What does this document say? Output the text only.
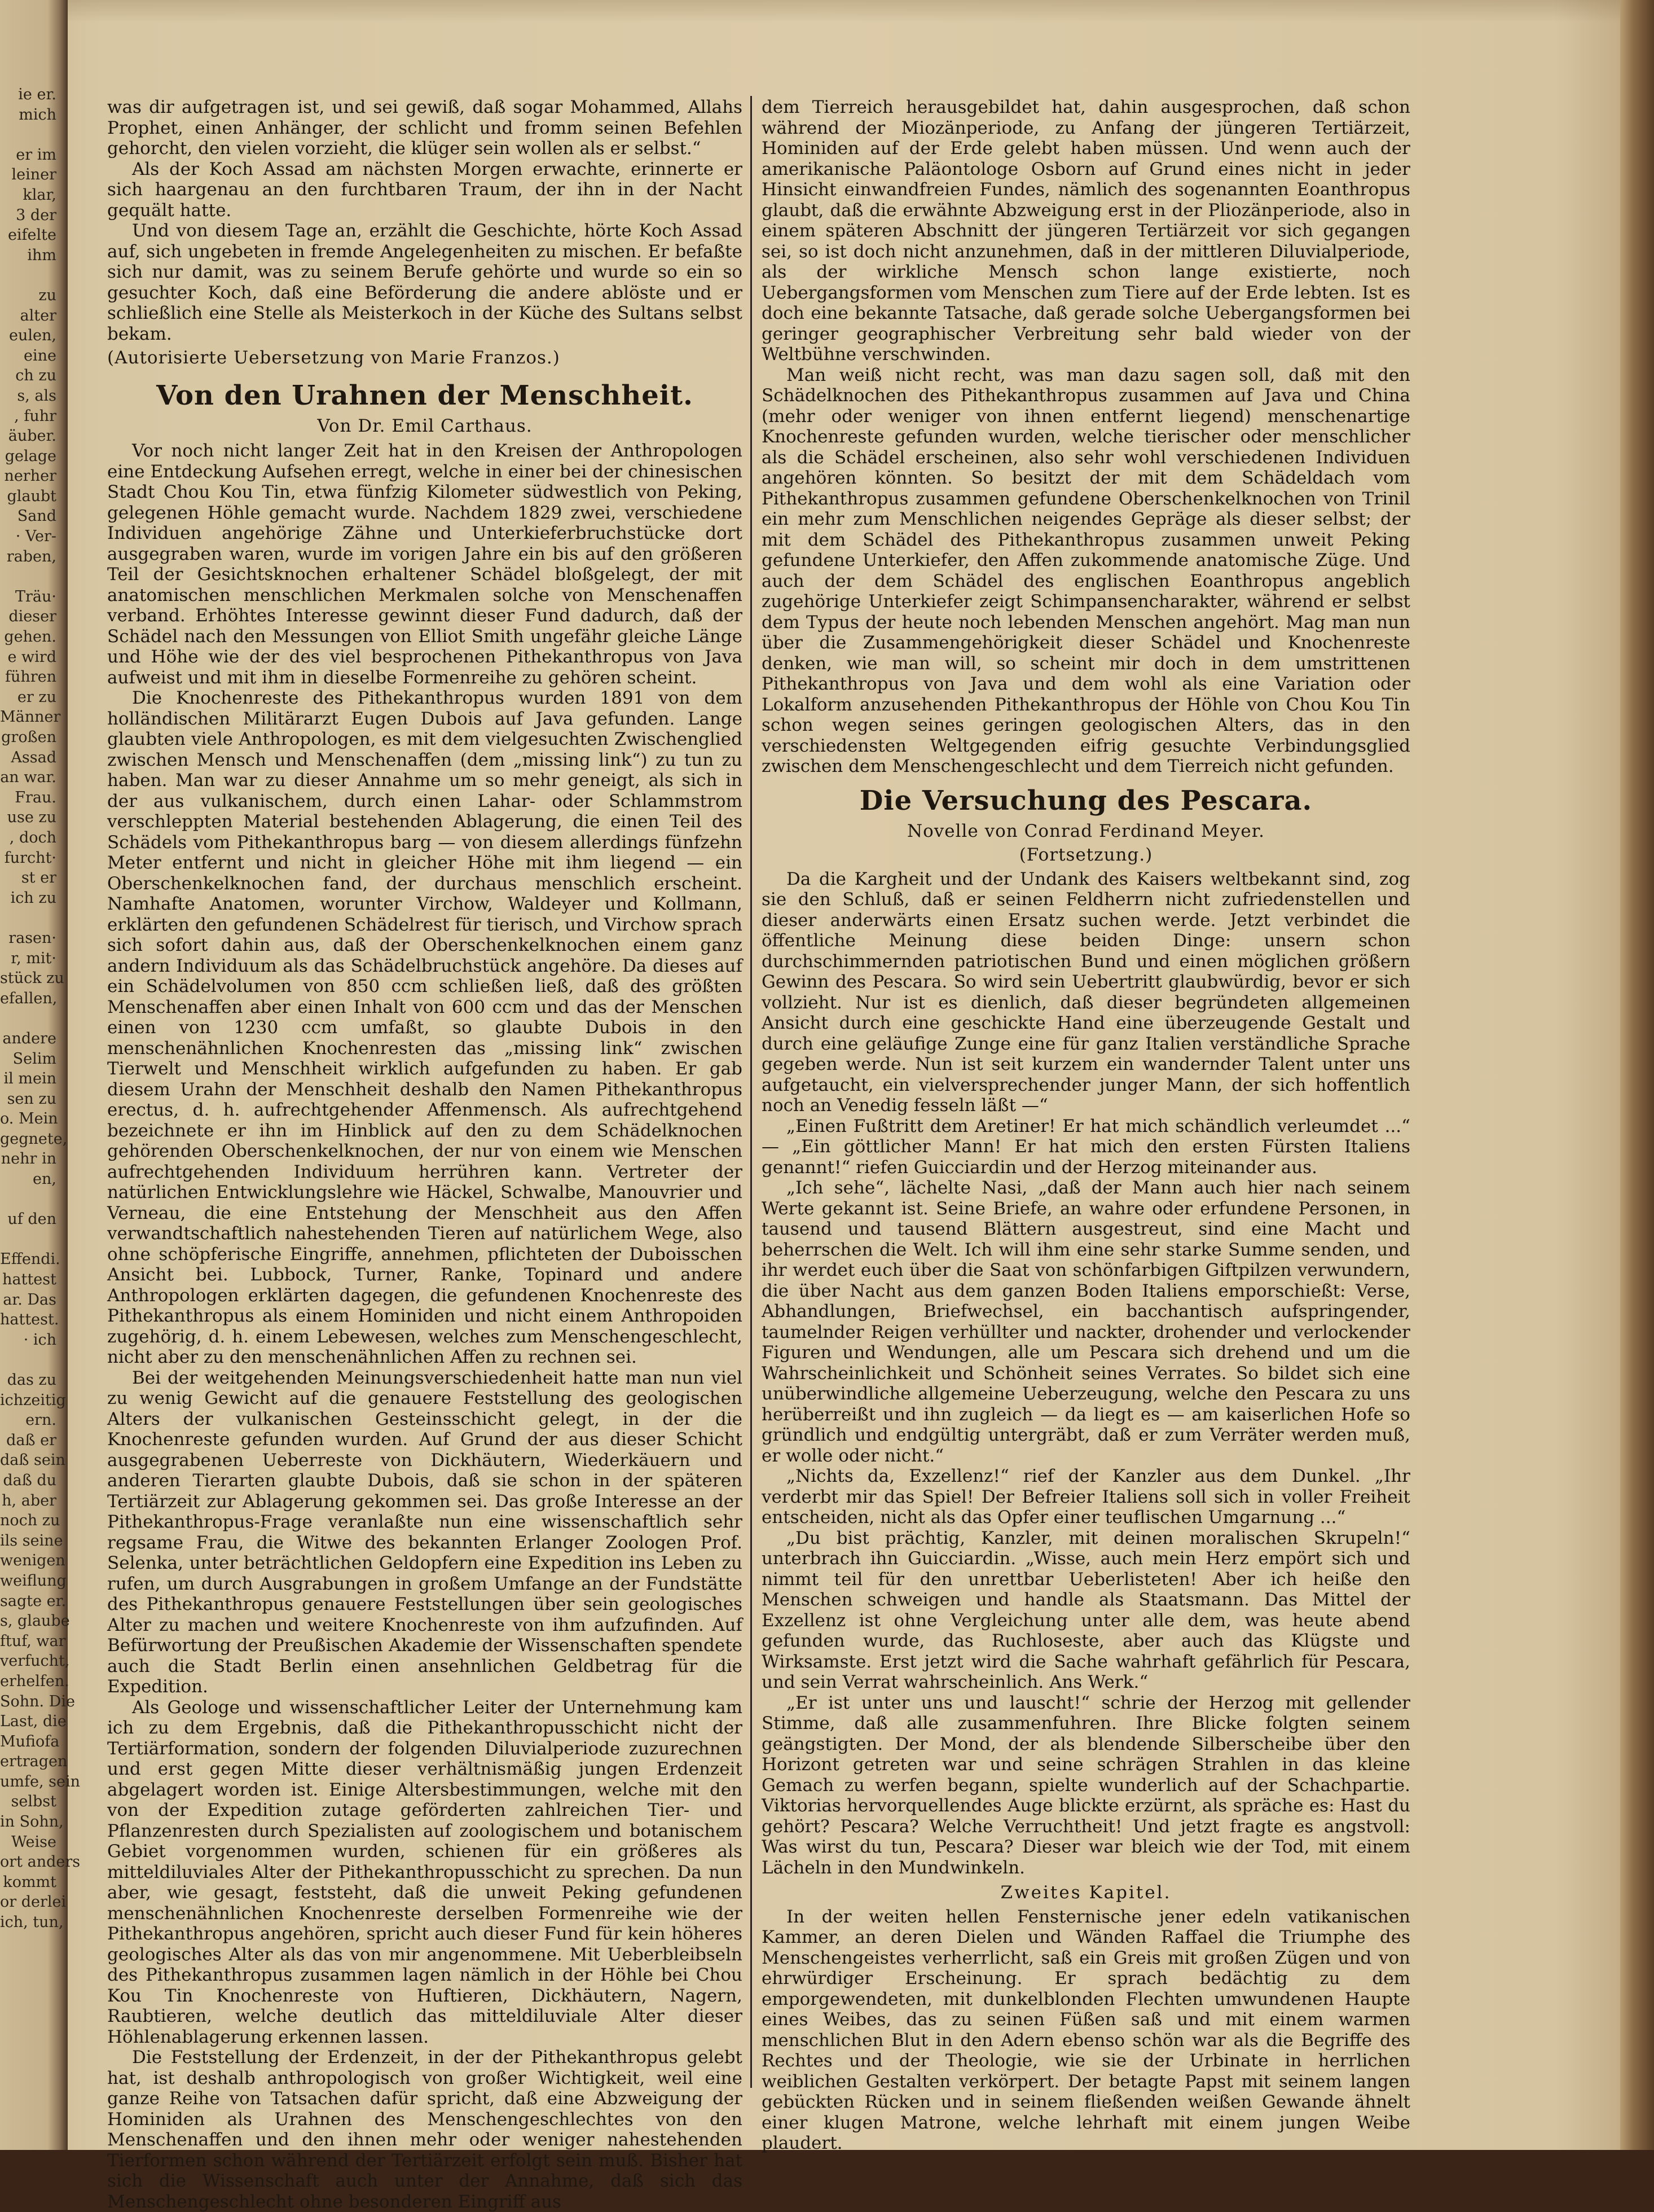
ie er.
mich

er im
leiner
klar,
3 der
eifelte
ihm

zu
alter
eulen,
eine
ch zu
s, als
, fuhr
äuber.
gelage
nerher
glaubt
Sand
· Ver-
raben,

Träu·
dieser
gehen.
e wird
führen
er zu
Männer
großen
Assad
an war.
Frau.
use zu
, doch
furcht·
st er
ich zu

rasen·
r, mit·
stück zu
efallen,

andere
Selim
il mein
sen zu
o. Mein
gegnete,
nehr in
en,

uf den

Effendi.
hattest
ar. Das
hattest.
· ich

das zu
ichzeitig
ern.
daß er
daß sein
daß du
h, aber
noch zu
ils seine
wenigen
weiflung
sagte er.
s, glaube
ftuf, war
verfucht,
erhelfen.
Sohn. Die
Last, die
Mufiofa
ertragen
umfe, sein
selbst
in Sohn,
Weise
ort anders
kommt
or derlei
ich, tun,

was dir aufgetragen ist, und sei gewiß, daß sogar Mohammed, Allahs Prophet, einen Anhänger, der schlicht und fromm seinen Befehlen gehorcht, den vielen vorzieht, die klüger sein wollen als er selbst.“

Als der Koch Assad am nächsten Morgen erwachte, erinnerte er sich haargenau an den furchtbaren Traum, der ihn in der Nacht gequält hatte.

Und von diesem Tage an, erzählt die Geschichte, hörte Koch Assad auf, sich ungebeten in fremde Angelegenheiten zu mischen. Er befaßte sich nur damit, was zu seinem Berufe gehörte und wurde so ein so gesuchter Koch, daß eine Beförderung die andere ablöste und er schließlich eine Stelle als Meisterkoch in der Küche des Sultans selbst bekam.

(Autorisierte Uebersetzung von Marie Franzos.)

Von den Urahnen der Menschheit.
Von Dr. Emil Carthaus.

Vor noch nicht langer Zeit hat in den Kreisen der Anthropologen eine Entdeckung Aufsehen erregt, welche in einer bei der chinesischen Stadt Chou Kou Tin, etwa fünfzig Kilometer südwestlich von Peking, gelegenen Höhle gemacht wurde. Nachdem 1829 zwei, verschiedene Individuen angehörige Zähne und Unterkieferbruchstücke dort ausgegraben waren, wurde im vorigen Jahre ein bis auf den größeren Teil der Gesichtsknochen erhaltener Schädel bloßgelegt, der mit anatomischen menschlichen Merkmalen solche von Menschenaffen verband. Erhöhtes Interesse gewinnt dieser Fund dadurch, daß der Schädel nach den Messungen von Elliot Smith ungefähr gleiche Länge und Höhe wie der des viel besprochenen Pithekanthropus von Java aufweist und mit ihm in dieselbe Formenreihe zu gehören scheint.

Die Knochenreste des Pithekanthropus wurden 1891 von dem holländischen Militärarzt Eugen Dubois auf Java gefunden. Lange glaubten viele Anthropologen, es mit dem vielgesuchten Zwischenglied zwischen Mensch und Menschenaffen (dem „missing link“) zu tun zu haben. Man war zu dieser Annahme um so mehr geneigt, als sich in der aus vulkanischem, durch einen Lahar- oder Schlammstrom verschleppten Material bestehenden Ablagerung, die einen Teil des Schädels vom Pithekanthropus barg — von diesem allerdings fünfzehn Meter entfernt und nicht in gleicher Höhe mit ihm liegend — ein Oberschenkelknochen fand, der durchaus menschlich erscheint. Namhafte Anatomen, worunter Virchow, Waldeyer und Kollmann, erklärten den gefundenen Schädelrest für tierisch, und Virchow sprach sich sofort dahin aus, daß der Oberschenkelknochen einem ganz andern Individuum als das Schädelbruchstück angehöre. Da dieses auf ein Schädelvolumen von 850 ccm schließen ließ, daß des größten Menschenaffen aber einen Inhalt von 600 ccm und das der Menschen einen von 1230 ccm umfaßt, so glaubte Dubois in den menschenähnlichen Knochenresten das „missing link“ zwischen Tierwelt und Menschheit wirklich aufgefunden zu haben. Er gab diesem Urahn der Menschheit deshalb den Namen Pithekanthropus erectus, d. h. aufrechtgehender Affenmensch. Als aufrechtgehend bezeichnete er ihn im Hinblick auf den zu dem Schädelknochen gehörenden Oberschenkelknochen, der nur von einem wie Menschen aufrechtgehenden Individuum herrühren kann. Vertreter der natürlichen Entwicklungslehre wie Häckel, Schwalbe, Manouvrier und Verneau, die eine Entstehung der Menschheit aus den Affen verwandtschaftlich nahestehenden Tieren auf natürlichem Wege, also ohne schöpferische Eingriffe, annehmen, pflichteten der Duboisschen Ansicht bei. Lubbock, Turner, Ranke, Topinard und andere Anthropologen erklärten dagegen, die gefundenen Knochenreste des Pithekanthropus als einem Hominiden und nicht einem Anthropoiden zugehörig, d. h. einem Lebewesen, welches zum Menschengeschlecht, nicht aber zu den menschenähnlichen Affen zu rechnen sei.

Bei der weitgehenden Meinungsverschiedenheit hatte man nun viel zu wenig Gewicht auf die genauere Feststellung des geologischen Alters der vulkanischen Gesteinsschicht gelegt, in der die Knochenreste gefunden wurden. Auf Grund der aus dieser Schicht ausgegrabenen Ueberreste von Dickhäutern, Wiederkäuern und anderen Tierarten glaubte Dubois, daß sie schon in der späteren Tertiärzeit zur Ablagerung gekommen sei. Das große Interesse an der Pithekanthropus-Frage veranlaßte nun eine wissenschaftlich sehr regsame Frau, die Witwe des bekannten Erlanger Zoologen Prof. Selenka, unter beträchtlichen Geldopfern eine Expedition ins Leben zu rufen, um durch Ausgrabungen in großem Umfange an der Fundstätte des Pithekanthropus genauere Feststellungen über sein geologisches Alter zu machen und weitere Knochenreste von ihm aufzufinden. Auf Befürwortung der Preußischen Akademie der Wissenschaften spendete auch die Stadt Berlin einen ansehnlichen Geldbetrag für die Expedition.

Als Geologe und wissenschaftlicher Leiter der Unternehmung kam ich zu dem Ergebnis, daß die Pithekanthropusschicht nicht der Tertiärformation, sondern der folgenden Diluvialperiode zuzurechnen und erst gegen Mitte dieser verhältnismäßig jungen Erdenzeit abgelagert worden ist. Einige Altersbestimmungen, welche mit den von der Expedition zutage geförderten zahlreichen Tier- und Pflanzenresten durch Spezialisten auf zoologischem und botanischem Gebiet vorgenommen wurden, schienen für ein größeres als mitteldiluviales Alter der Pithekanthropusschicht zu sprechen. Da nun aber, wie gesagt, feststeht, daß die unweit Peking gefundenen menschenähnlichen Knochenreste derselben Formenreihe wie der Pithekanthropus angehören, spricht auch dieser Fund für kein höheres geologisches Alter als das von mir angenommene. Mit Ueberbleibseln des Pithekanthropus zusammen lagen nämlich in der Höhle bei Chou Kou Tin Knochenreste von Huftieren, Dickhäutern, Nagern, Raubtieren, welche deutlich das mitteldiluviale Alter dieser Höhlenablagerung erkennen lassen.

Die Feststellung der Erdenzeit, in der der Pithekanthropus gelebt hat, ist deshalb anthropologisch von großer Wichtigkeit, weil eine ganze Reihe von Tatsachen dafür spricht, daß eine Abzweigung der Hominiden als Urahnen des Menschengeschlechtes von den Menschenaffen und den ihnen mehr oder weniger nahestehenden Tierformen schon während der Tertiärzeit erfolgt sein muß. Bisher hat sich die Wissenschaft auch unter der Annahme, daß sich das Menschengeschlecht ohne besonderen Eingriff aus

dem Tierreich herausgebildet hat, dahin ausgesprochen, daß schon während der Miozänperiode, zu Anfang der jüngeren Tertiärzeit, Hominiden auf der Erde gelebt haben müssen. Und wenn auch der amerikanische Paläontologe Osborn auf Grund eines nicht in jeder Hinsicht einwandfreien Fundes, nämlich des sogenannten Eoanthropus glaubt, daß die erwähnte Abzweigung erst in der Pliozänperiode, also in einem späteren Abschnitt der jüngeren Tertiärzeit vor sich gegangen sei, so ist doch nicht anzunehmen, daß in der mittleren Diluvialperiode, als der wirkliche Mensch schon lange existierte, noch Uebergangsformen vom Menschen zum Tiere auf der Erde lebten. Ist es doch eine bekannte Tatsache, daß gerade solche Uebergangsformen bei geringer geographischer Verbreitung sehr bald wieder von der Weltbühne verschwinden.

Man weiß nicht recht, was man dazu sagen soll, daß mit den Schädelknochen des Pithekanthropus zusammen auf Java und China (mehr oder weniger von ihnen entfernt liegend) menschenartige Knochenreste gefunden wurden, welche tierischer oder menschlicher als die Schädel erscheinen, also sehr wohl verschiedenen Individuen angehören könnten. So besitzt der mit dem Schädeldach vom Pithekanthropus zusammen gefundene Oberschenkelknochen von Trinil ein mehr zum Menschlichen neigendes Gepräge als dieser selbst; der mit dem Schädel des Pithekanthropus zusammen unweit Peking gefundene Unterkiefer, den Affen zukommende anatomische Züge. Und auch der dem Schädel des englischen Eoanthropus angeblich zugehörige Unterkiefer zeigt Schimpansencharakter, während er selbst dem Typus der heute noch lebenden Menschen angehört. Mag man nun über die Zusammengehörigkeit dieser Schädel und Knochenreste denken, wie man will, so scheint mir doch in dem umstrittenen Pithekanthropus von Java und dem wohl als eine Variation oder Lokalform anzusehenden Pithekanthropus der Höhle von Chou Kou Tin schon wegen seines geringen geologischen Alters, das in den verschiedensten Weltgegenden eifrig gesuchte Verbindungsglied zwischen dem Menschengeschlecht und dem Tierreich nicht gefunden.

Die Versuchung des Pescara.
Novelle von Conrad Ferdinand Meyer.
(Fortsetzung.)

Da die Kargheit und der Undank des Kaisers weltbekannt sind, zog sie den Schluß, daß er seinen Feldherrn nicht zufriedenstellen und dieser anderwärts einen Ersatz suchen werde. Jetzt verbindet die öffentliche Meinung diese beiden Dinge: unsern schon durchschimmernden patriotischen Bund und einen möglichen größern Gewinn des Pescara. So wird sein Uebertritt glaubwürdig, bevor er sich vollzieht. Nur ist es dienlich, daß dieser begründeten allgemeinen Ansicht durch eine geschickte Hand eine überzeugende Gestalt und durch eine geläufige Zunge eine für ganz Italien verständliche Sprache gegeben werde. Nun ist seit kurzem ein wandernder Talent unter uns aufgetaucht, ein vielversprechender junger Mann, der sich hoffentlich noch an Venedig fesseln läßt —“

„Einen Fußtritt dem Aretiner! Er hat mich schändlich verleumdet ...“ — „Ein göttlicher Mann! Er hat mich den ersten Fürsten Italiens genannt!“ riefen Guicciardin und der Herzog miteinander aus.

„Ich sehe“, lächelte Nasi, „daß der Mann auch hier nach seinem Werte gekannt ist. Seine Briefe, an wahre oder erfundene Personen, in tausend und tausend Blättern ausgestreut, sind eine Macht und beherrschen die Welt. Ich will ihm eine sehr starke Summe senden, und ihr werdet euch über die Saat von schönfarbigen Giftpilzen verwundern, die über Nacht aus dem ganzen Boden Italiens emporschießt: Verse, Abhandlungen, Briefwechsel, ein bacchantisch aufspringender, taumelnder Reigen verhüllter und nackter, drohender und verlockender Figuren und Wendungen, alle um Pescara sich drehend und um die Wahrscheinlichkeit und Schönheit seines Verrates. So bildet sich eine unüberwindliche allgemeine Ueberzeugung, welche den Pescara zu uns herüberreißt und ihn zugleich — da liegt es — am kaiserlichen Hofe so gründlich und endgültig untergräbt, daß er zum Verräter werden muß, er wolle oder nicht.“

„Nichts da, Exzellenz!“ rief der Kanzler aus dem Dunkel. „Ihr verderbt mir das Spiel! Der Befreier Italiens soll sich in voller Freiheit entscheiden, nicht als das Opfer einer teuflischen Umgarnung ...“

„Du bist prächtig, Kanzler, mit deinen moralischen Skrupeln!“ unterbrach ihn Guicciardin. „Wisse, auch mein Herz empört sich und nimmt teil für den unrettbar Ueberlisteten! Aber ich heiße den Menschen schweigen und handle als Staatsmann. Das Mittel der Exzellenz ist ohne Vergleichung unter alle dem, was heute abend gefunden wurde, das Ruchloseste, aber auch das Klügste und Wirksamste. Erst jetzt wird die Sache wahrhaft gefährlich für Pescara, und sein Verrat wahrscheinlich. Ans Werk.“

„Er ist unter uns und lauscht!“ schrie der Herzog mit gellender Stimme, daß alle zusammenfuhren. Ihre Blicke folgten seinem geängstigten. Der Mond, der als blendende Silberscheibe über den Horizont getreten war und seine schrägen Strahlen in das kleine Gemach zu werfen begann, spielte wunderlich auf der Schachpartie. Viktorias hervorquellendes Auge blickte erzürnt, als spräche es: Hast du gehört? Pescara? Welche Verruchtheit! Und jetzt fragte es angstvoll: Was wirst du tun, Pescara? Dieser war bleich wie der Tod, mit einem Lächeln in den Mundwinkeln.

Zweites Kapitel.

In der weiten hellen Fensternische jener edeln vatikanischen Kammer, an deren Dielen und Wänden Raffael die Triumphe des Menschengeistes verherrlicht, saß ein Greis mit großen Zügen und von ehrwürdiger Erscheinung. Er sprach bedächtig zu dem emporgewendeten, mit dunkelblonden Flechten umwundenen Haupte eines Weibes, das zu seinen Füßen saß und mit einem warmen menschlichen Blut in den Adern ebenso schön war als die Begriffe des Rechtes und der Theologie, wie sie der Urbinate in herrlichen weiblichen Gestalten verkörpert. Der betagte Papst mit seinem langen gebückten Rücken und in seinem fließenden weißen Gewande ähnelt einer klugen Matrone, welche lehrhaft mit einem jungen Weibe plaudert.
